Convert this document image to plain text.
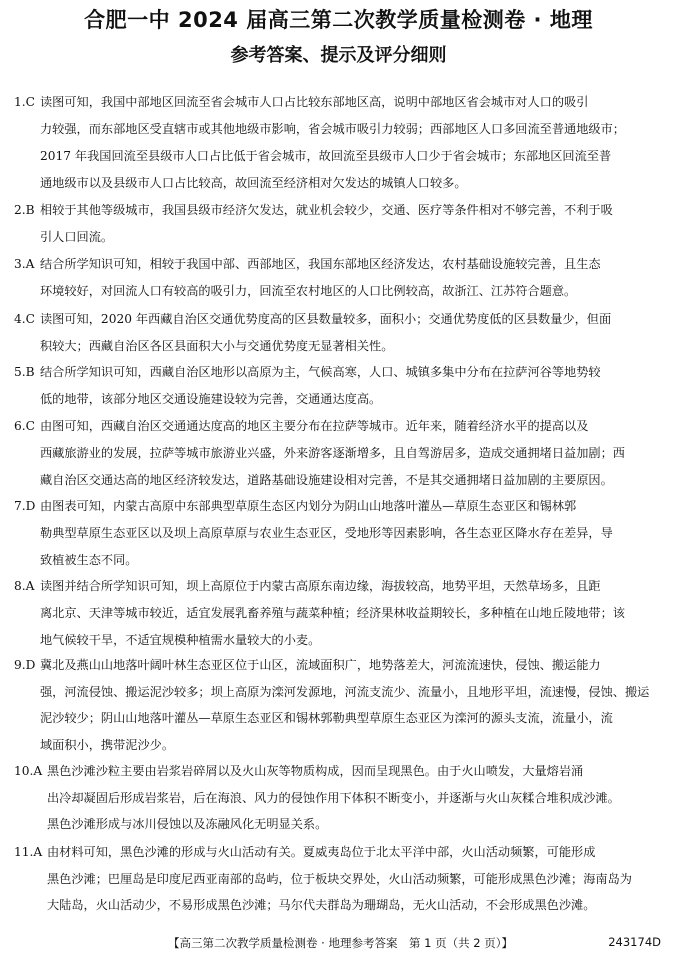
合肥一中 2024 届高三第二次教学质量检测卷 · 地理
参考答案、提示及评分细则
1.C 读图可知，我国中部地区回流至省会城市人口占比较东部地区高，说明中部地区省会城市对人口的吸引
力较强，而东部地区受直辖市或其他地级市影响，省会城市吸引力较弱；西部地区人口多回流至普通地级市；
2017 年我国回流至县级市人口占比低于省会城市，故回流至县级市人口少于省会城市；东部地区回流至普
通地级市以及县级市人口占比较高，故回流至经济相对欠发达的城镇人口较多。
2.B 相较于其他等级城市，我国县级市经济欠发达，就业机会较少，交通、医疗等条件相对不够完善，不利于吸
引人口回流。
3.A 结合所学知识可知，相较于我国中部、西部地区，我国东部地区经济发达，农村基础设施较完善，且生态
环境较好，对回流人口有较高的吸引力，回流至农村地区的人口比例较高，故浙江、江苏符合题意。
4.C 读图可知，2020 年西藏自治区交通优势度高的区县数量较多，面积小；交通优势度低的区县数量少，但面
积较大；西藏自治区各区县面积大小与交通优势度无显著相关性。
5.B 结合所学知识可知，西藏自治区地形以高原为主，气候高寒，人口、城镇多集中分布在拉萨河谷等地势较
低的地带，该部分地区交通设施建设较为完善，交通通达度高。
6.C 由图可知，西藏自治区交通通达度高的地区主要分布在拉萨等城市。近年来，随着经济水平的提高以及
西藏旅游业的发展，拉萨等城市旅游业兴盛，外来游客逐渐增多，且自驾游居多，造成交通拥堵日益加剧；西
藏自治区交通达高的地区经济较发达，道路基础设施建设相对完善，不是其交通拥堵日益加剧的主要原因。
7.D 由图表可知，内蒙古高原中东部典型草原生态区内划分为阴山山地落叶灌丛—草原生态亚区和锡林郭
勒典型草原生态亚区以及坝上高原草原与农业生态亚区，受地形等因素影响，各生态亚区降水存在差异，导
致植被生态不同。
8.A 读图并结合所学知识可知，坝上高原位于内蒙古高原东南边缘，海拔较高，地势平坦，天然草场多，且距
离北京、天津等城市较近，适宜发展乳畜养殖与蔬菜种植；经济果林收益期较长，多种植在山地丘陵地带；该
地气候较干旱，不适宜规模种植需水量较大的小麦。
9.D 冀北及燕山山地落叶阔叶林生态亚区位于山区，流域面积广，地势落差大，河流流速快，侵蚀、搬运能力
强，河流侵蚀、搬运泥沙较多；坝上高原为滦河发源地，河流支流少、流量小，且地形平坦，流速慢，侵蚀、搬运
泥沙较少；阴山山地落叶灌丛—草原生态亚区和锡林郭勒典型草原生态亚区为滦河的源头支流，流量小，流
域面积小，携带泥沙少。
10.A 黑色沙滩沙粒主要由岩浆岩碎屑以及火山灰等物质构成，因而呈现黑色。由于火山喷发，大量熔岩涌
出冷却凝固后形成岩浆岩，后在海浪、风力的侵蚀作用下体积不断变小，并逐渐与火山灰糅合堆积成沙滩。
黑色沙滩形成与冰川侵蚀以及冻融风化无明显关系。
11.A 由材料可知，黑色沙滩的形成与火山活动有关。夏威夷岛位于北太平洋中部，火山活动频繁，可能形成
黑色沙滩；巴厘岛是印度尼西亚南部的岛屿，位于板块交界处，火山活动频繁，可能形成黑色沙滩；海南岛为
大陆岛，火山活动少，不易形成黑色沙滩；马尔代夫群岛为珊瑚岛，无火山活动，不会形成黑色沙滩。
【高三第二次教学质量检测卷 · 地理参考答案　第 1 页（共 2 页）】	243174D
